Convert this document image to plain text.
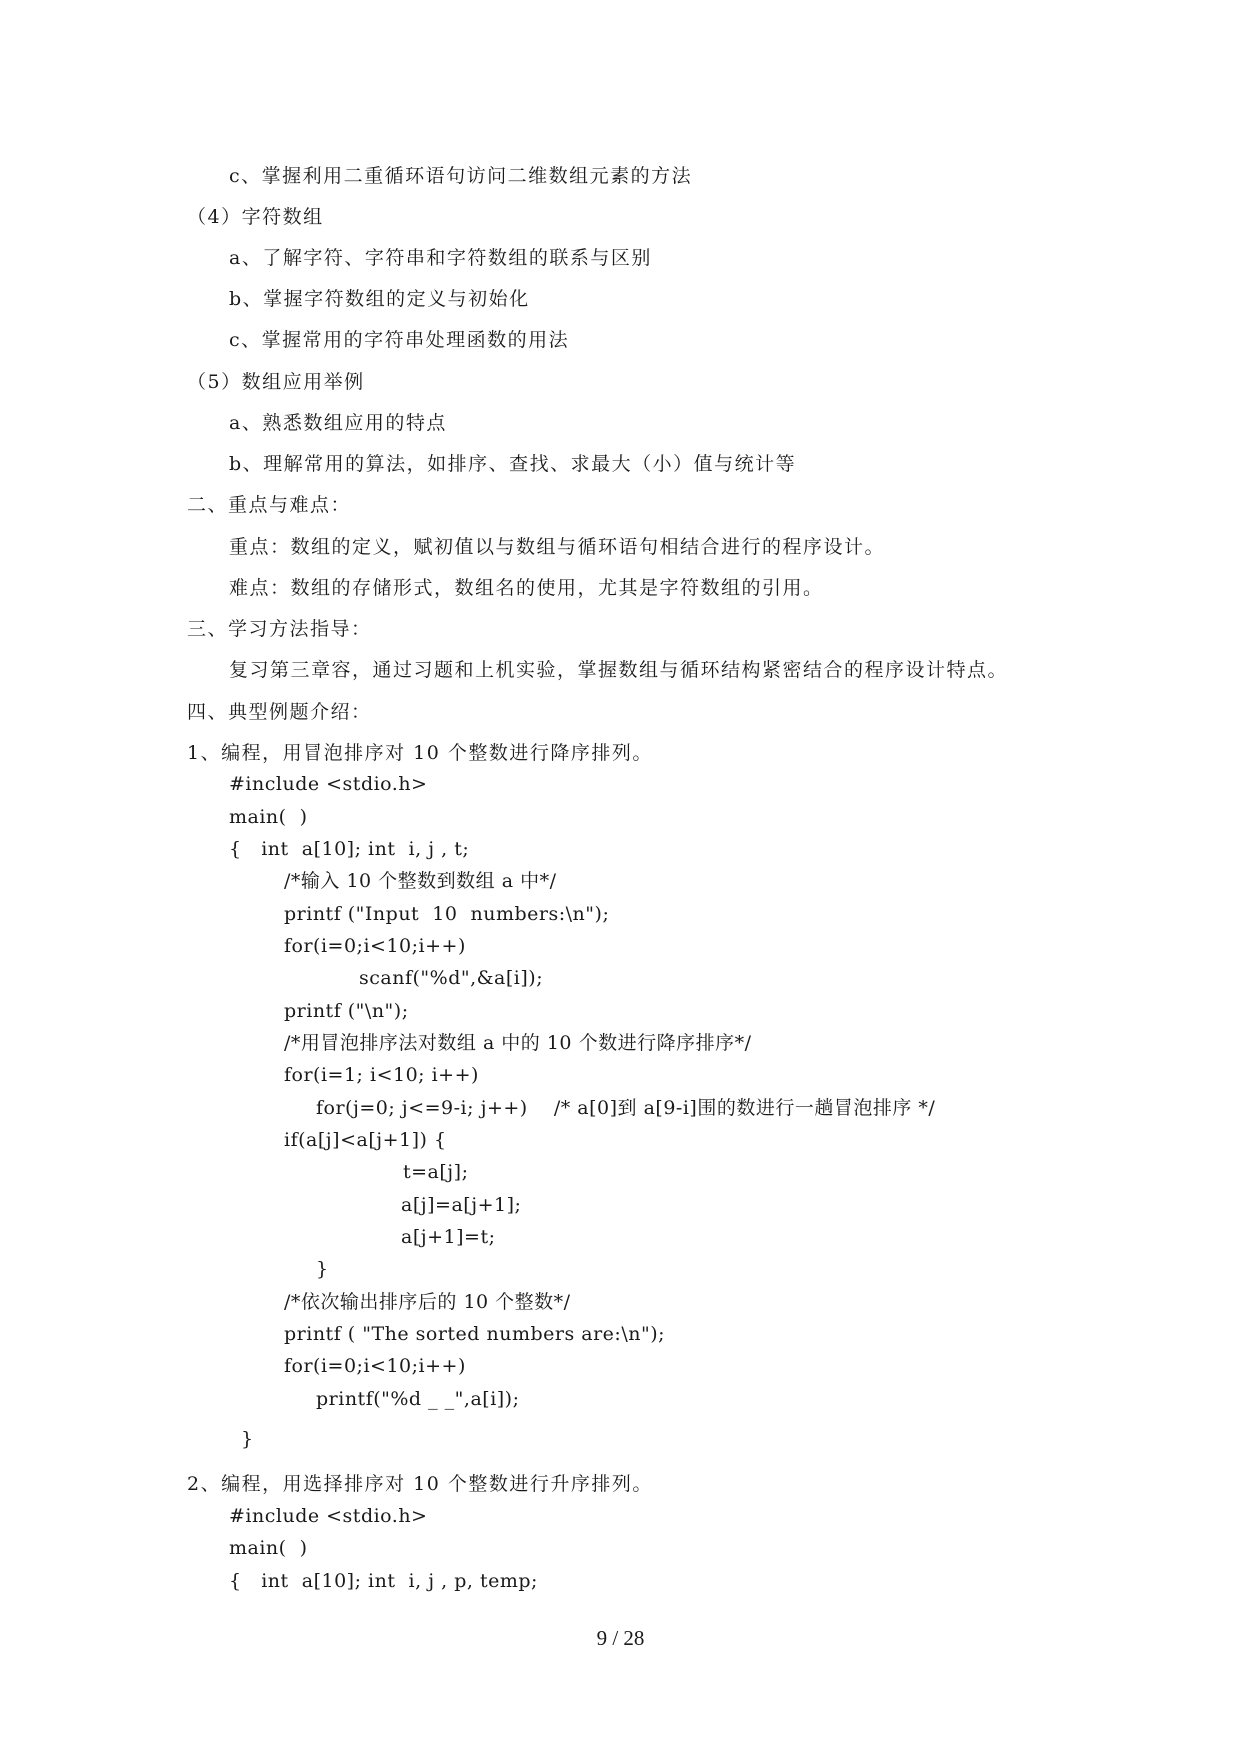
c、掌握利用二重循环语句访问二维数组元素的方法

（4）字符数组

a、了解字符、字符串和字符数组的联系与区别

b、掌握字符数组的定义与初始化

c、掌握常用的字符串处理函数的用法

（5）数组应用举例

a、熟悉数组应用的特点

b、理解常用的算法，如排序、查找、求最大（小）值与统计等

二、重点与难点：

重点：数组的定义，赋初值以与数组与循环语句相结合进行的程序设计。

难点：数组的存储形式，数组名的使用，尤其是字符数组的引用。

三、学习方法指导：

复习第三章容，通过习题和上机实验，掌握数组与循环结构紧密结合的程序设计特点。

四、典型例题介绍：

1、编程，用冒泡排序对 10 个整数进行降序排列。

#include <stdio.h>

main(  )

{   int  a[10]; int  i, j , t;

/*输入 10 个整数到数组 a 中*/

printf ("Input  10  numbers:\n");

for(i=0;i<10;i++)

scanf("%d",&a[i]);

printf ("\n");

/*用冒泡排序法对数组 a 中的 10 个数进行降序排序*/

for(i=1; i<10; i++)

for(j=0; j<=9-i; j++)    /* a[0]到 a[9-i]围的数进行一趟冒泡排序 */

if(a[j]<a[j+1]) {

t=a[j];

a[j]=a[j+1];

a[j+1]=t;

}

/*依次输出排序后的 10 个整数*/

printf ( "The sorted numbers are:\n");

for(i=0;i<10;i++)

printf("%d _ _",a[i]);

}

2、编程，用选择排序对 10 个整数进行升序排列。

#include <stdio.h>

main(  )

{   int  a[10]; int  i, j , p, temp;

9 / 28
